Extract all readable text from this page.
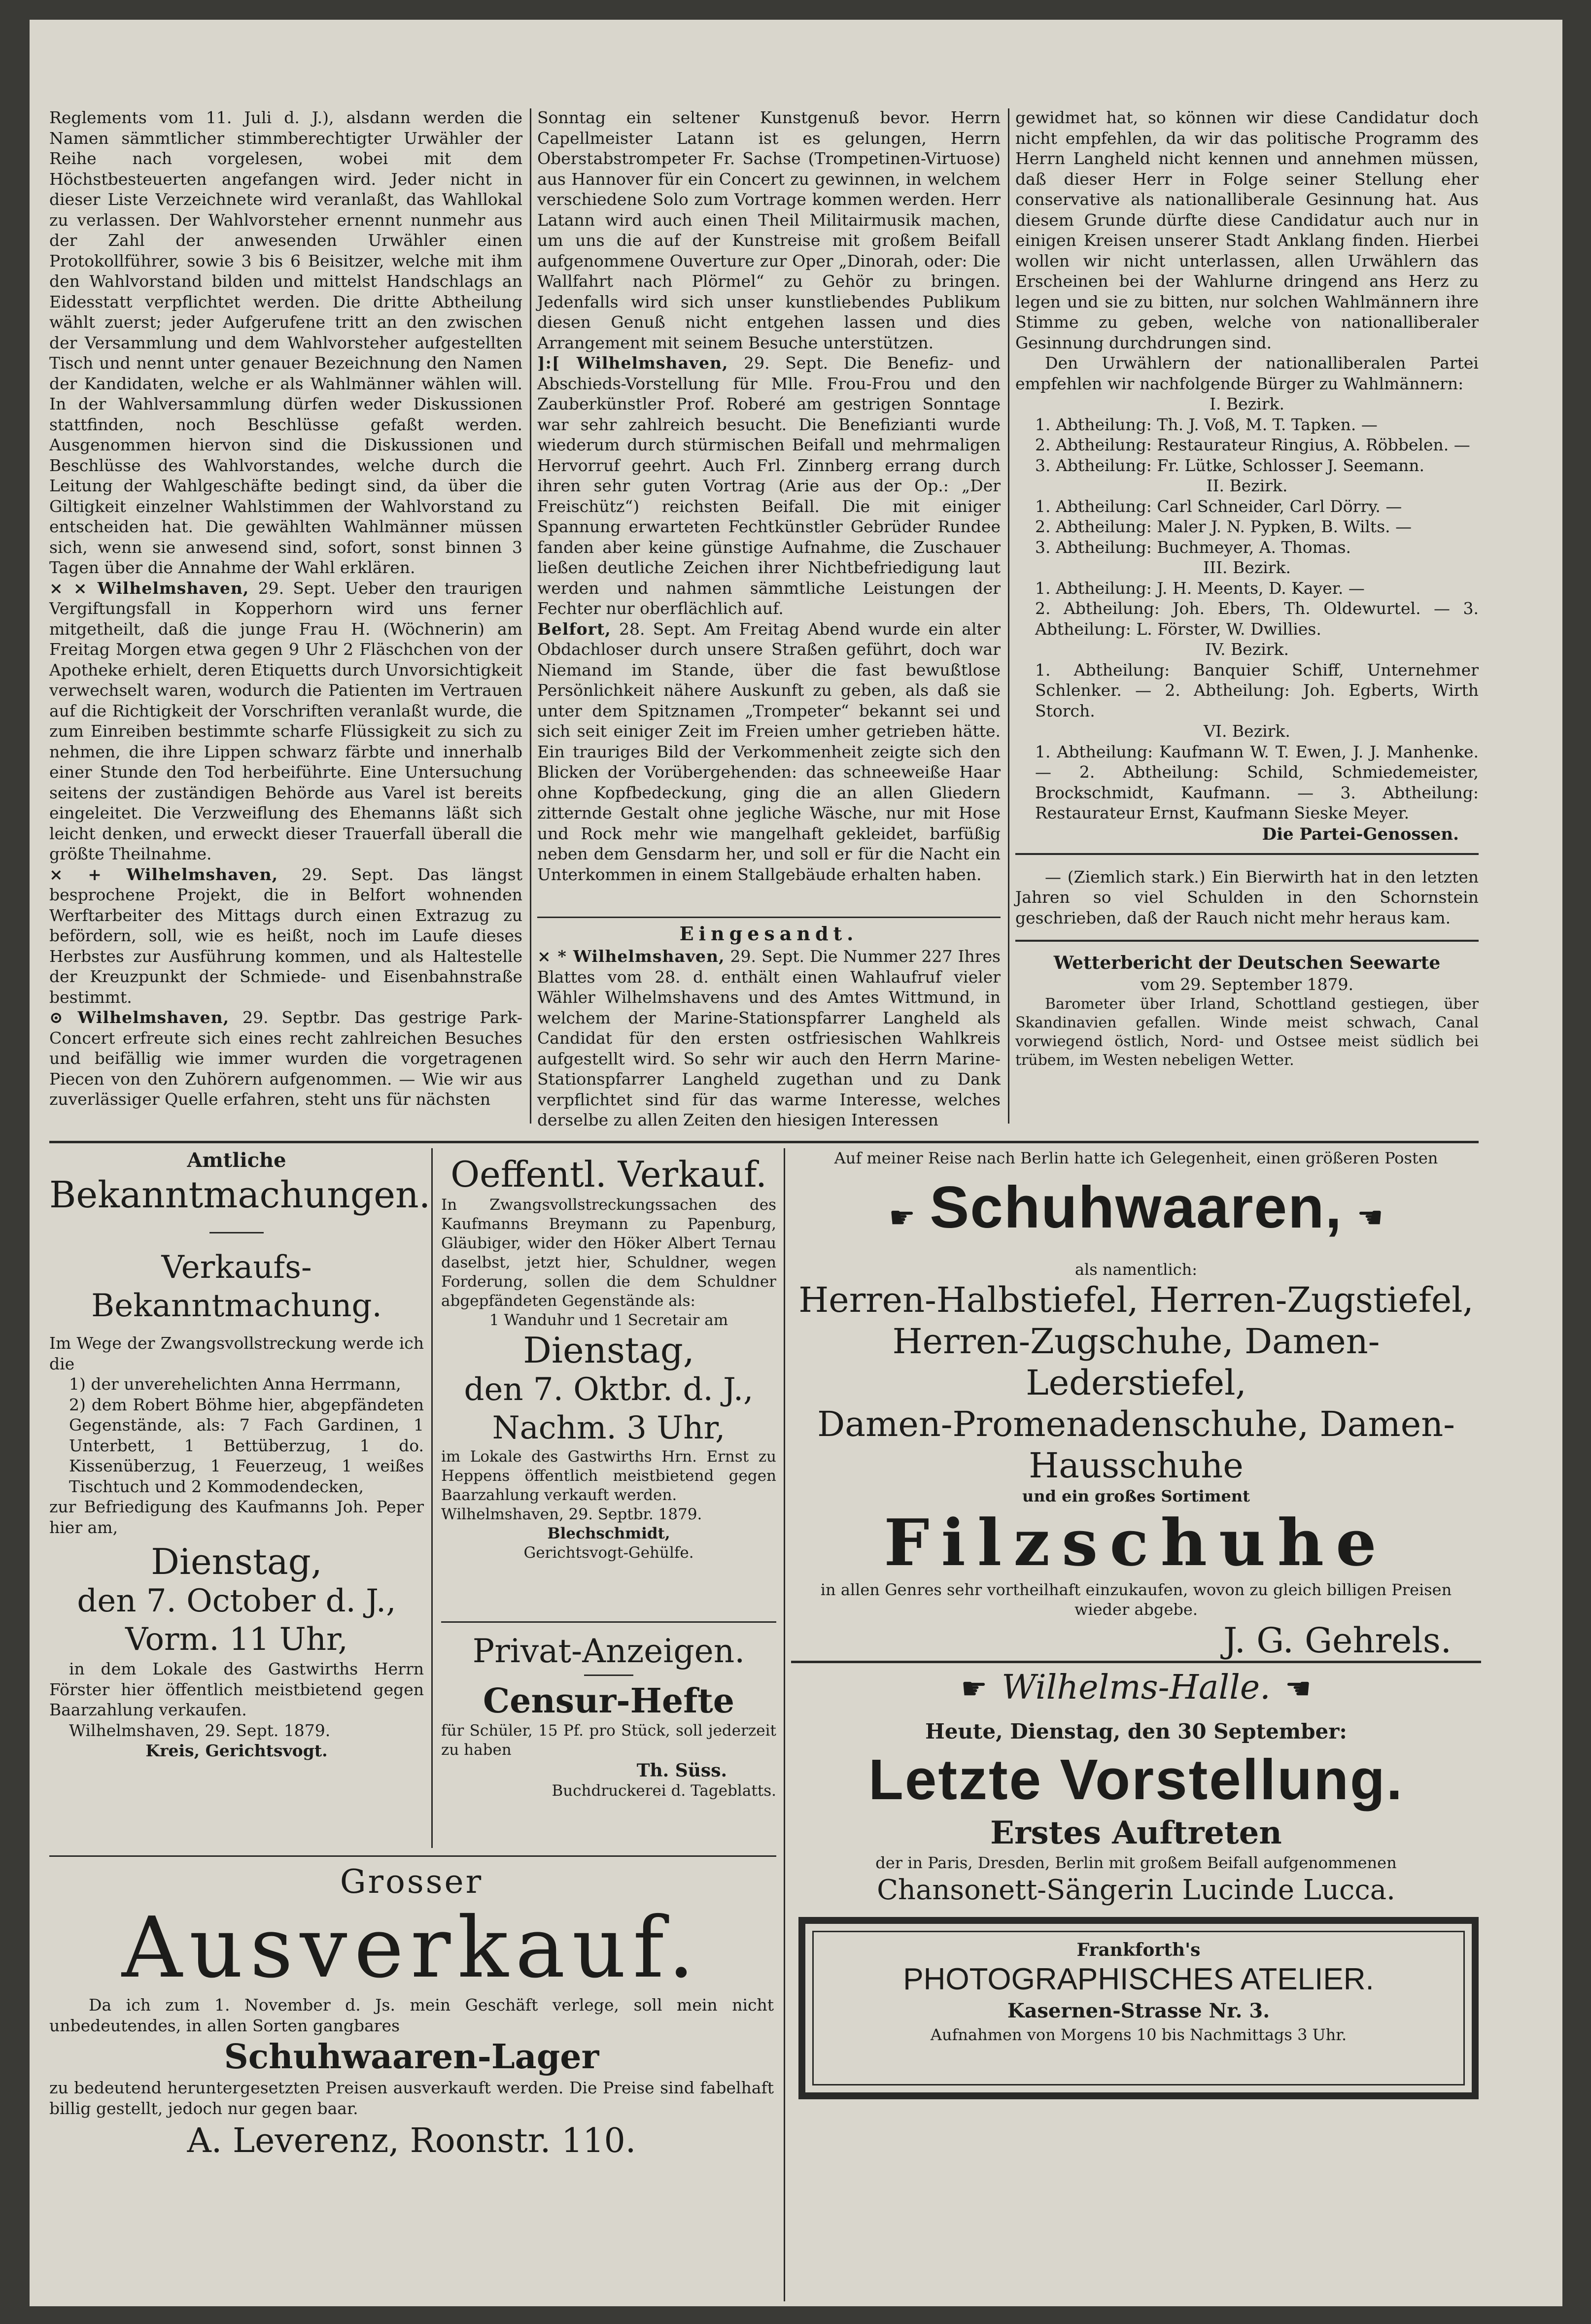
Reglements vom 11. Juli d. J.), alsdann werden die Namen sämmtlicher stimmberechtigter Urwähler der Reihe nach vorgelesen, wobei mit dem Höchstbesteuerten angefangen wird. Jeder nicht in dieser Liste Verzeichnete wird veranlaßt, das Wahllokal zu verlassen. Der Wahlvorsteher ernennt nunmehr aus der Zahl der anwesenden Urwähler einen Protokollführer, sowie 3 bis 6 Beisitzer, welche mit ihm den Wahlvorstand bilden und mittelst Handschlags an Eidesstatt verpflichtet werden. Die dritte Abtheilung wählt zuerst; jeder Aufgerufene tritt an den zwischen der Versammlung und dem Wahlvorsteher aufgestellten Tisch und nennt unter genauer Bezeichnung den Namen der Kandidaten, welche er als Wahlmänner wählen will. In der Wahlversammlung dürfen weder Diskussionen stattfinden, noch Beschlüsse gefaßt werden. Ausgenommen hiervon sind die Diskussionen und Beschlüsse des Wahlvorstandes, welche durch die Leitung der Wahlgeschäfte bedingt sind, da über die Giltigkeit einzelner Wahlstimmen der Wahlvorstand zu entscheiden hat. Die gewählten Wahlmänner müssen sich, wenn sie anwesend sind, sofort, sonst binnen 3 Tagen über die Annahme der Wahl erklären.

× × Wilhelmshaven, 29. Sept. Ueber den traurigen Vergiftungsfall in Kopperhorn wird uns ferner mitgetheilt, daß die junge Frau H. (Wöchnerin) am Freitag Morgen etwa gegen 9 Uhr 2 Fläschchen von der Apotheke erhielt, deren Etiquetts durch Unvorsichtigkeit verwechselt waren, wodurch die Patienten im Vertrauen auf die Richtigkeit der Vorschriften veranlaßt wurde, die zum Einreiben bestimmte scharfe Flüssigkeit zu sich zu nehmen, die ihre Lippen schwarz färbte und innerhalb einer Stunde den Tod herbeiführte. Eine Untersuchung seitens der zuständigen Behörde aus Varel ist bereits eingeleitet. Die Verzweiflung des Ehemanns läßt sich leicht denken, und erweckt dieser Trauerfall überall die größte Theilnahme.

× + Wilhelmshaven, 29. Sept. Das längst besprochene Projekt, die in Belfort wohnenden Werftarbeiter des Mittags durch einen Extrazug zu befördern, soll, wie es heißt, noch im Laufe dieses Herbstes zur Ausführung kommen, und als Haltestelle der Kreuzpunkt der Schmiede- und Eisenbahnstraße bestimmt.

⊙ Wilhelmshaven, 29. Septbr. Das gestrige Park-Concert erfreute sich eines recht zahlreichen Besuches und beifällig wie immer wurden die vorgetragenen Piecen von den Zuhörern aufgenommen. — Wie wir aus zuverlässiger Quelle erfahren, steht uns für nächsten

Sonntag ein seltener Kunstgenuß bevor. Herrn Capellmeister Latann ist es gelungen, Herrn Oberstabstrompeter Fr. Sachse (Trompetinen-Virtuose) aus Hannover für ein Concert zu gewinnen, in welchem verschiedene Solo zum Vortrage kommen werden. Herr Latann wird auch einen Theil Militairmusik machen, um uns die auf der Kunstreise mit großem Beifall aufgenommene Ouverture zur Oper „Dinorah, oder: Die Wallfahrt nach Plörmel“ zu Gehör zu bringen. Jedenfalls wird sich unser kunstliebendes Publikum diesen Genuß nicht entgehen lassen und dies Arrangement mit seinem Besuche unterstützen.

]:[ Wilhelmshaven, 29. Sept. Die Benefiz- und Abschieds-Vorstellung für Mlle. Frou-Frou und den Zauberkünstler Prof. Roberé am gestrigen Sonntage war sehr zahlreich besucht. Die Benefizianti wurde wiederum durch stürmischen Beifall und mehrmaligen Hervorruf geehrt. Auch Frl. Zinnberg errang durch ihren sehr guten Vortrag (Arie aus der Op.: „Der Freischütz“) reichsten Beifall. Die mit einiger Spannung erwarteten Fechtkünstler Gebrüder Rundee fanden aber keine günstige Aufnahme, die Zuschauer ließen deutliche Zeichen ihrer Nichtbefriedigung laut werden und nahmen sämmtliche Leistungen der Fechter nur oberflächlich auf.

Belfort, 28. Sept. Am Freitag Abend wurde ein alter Obdachloser durch unsere Straßen geführt, doch war Niemand im Stande, über die fast bewußtlose Persönlichkeit nähere Auskunft zu geben, als daß sie unter dem Spitznamen „Trompeter“ bekannt sei und sich seit einiger Zeit im Freien umher getrieben hätte. Ein trauriges Bild der Verkommenheit zeigte sich den Blicken der Vorübergehenden: das schneeweiße Haar ohne Kopfbedeckung, ging die an allen Gliedern zitternde Gestalt ohne jegliche Wäsche, nur mit Hose und Rock mehr wie mangelhaft gekleidet, barfüßig neben dem Gensdarm her, und soll er für die Nacht ein Unterkommen in einem Stallgebäude erhalten haben.

Eingesandt.

× * Wilhelmshaven, 29. Sept. Die Nummer 227 Ihres Blattes vom 28. d. enthält einen Wahlaufruf vieler Wähler Wilhelmshavens und des Amtes Wittmund, in welchem der Marine-Stationspfarrer Langheld als Candidat für den ersten ostfriesischen Wahlkreis aufgestellt wird. So sehr wir auch den Herrn Marine-Stationspfarrer Langheld zugethan und zu Dank verpflichtet sind für das warme Interesse, welches derselbe zu allen Zeiten den hiesigen Interessen

gewidmet hat, so können wir diese Candidatur doch nicht empfehlen, da wir das politische Programm des Herrn Langheld nicht kennen und annehmen müssen, daß dieser Herr in Folge seiner Stellung eher conservative als nationalliberale Gesinnung hat. Aus diesem Grunde dürfte diese Candidatur auch nur in einigen Kreisen unserer Stadt Anklang finden. Hierbei wollen wir nicht unterlassen, allen Urwählern das Erscheinen bei der Wahlurne dringend ans Herz zu legen und sie zu bitten, nur solchen Wahlmännern ihre Stimme zu geben, welche von nationalliberaler Gesinnung durchdrungen sind.

Den Urwählern der nationalliberalen Partei empfehlen wir nachfolgende Bürger zu Wahlmännern:

I. Bezirk.

1. Abtheilung: Th. J. Voß, M. T. Tapken. —

2. Abtheilung: Restaurateur Ringius, A. Röbbelen. —

3. Abtheilung: Fr. Lütke, Schlosser J. Seemann.

II. Bezirk.

1. Abtheilung: Carl Schneider, Carl Dörry. —

2. Abtheilung: Maler J. N. Pypken, B. Wilts. —

3. Abtheilung: Buchmeyer, A. Thomas.

III. Bezirk.

1. Abtheilung: J. H. Meents, D. Kayer. —

2. Abtheilung: Joh. Ebers, Th. Oldewurtel. — 3. Abtheilung: L. Förster, W. Dwillies.

IV. Bezirk.

1. Abtheilung: Banquier Schiff, Unternehmer Schlenker. — 2. Abtheilung: Joh. Egberts, Wirth Storch.

VI. Bezirk.

1. Abtheilung: Kaufmann W. T. Ewen, J. J. Manhenke. — 2. Abtheilung: Schild, Schmiedemeister, Brockschmidt, Kaufmann. — 3. Abtheilung: Restaurateur Ernst, Kaufmann Sieske Meyer.

Die Partei-Genossen.

— (Ziemlich stark.) Ein Bierwirth hat in den letzten Jahren so viel Schulden in den Schornstein geschrieben, daß der Rauch nicht mehr heraus kam.

Wetterbericht der Deutschen Seewarte
vom 29. September 1879.

Barometer über Irland, Schottland gestiegen, über Skandinavien gefallen. Winde meist schwach, Canal vorwiegend östlich, Nord- und Ostsee meist südlich bei trübem, im Westen nebeligen Wetter.

Amtliche
Bekanntmachungen.
Verkaufs-
Bekanntmachung.

Im Wege der Zwangsvollstreckung werde ich die

1) der unverehelichten Anna Herrmann,

2) dem Robert Böhme hier, abgepfändeten Gegenstände, als: 7 Fach Gardinen, 1 Unterbett, 1 Bettüberzug, 1 do. Kissenüberzug, 1 Feuerzeug, 1 weißes Tischtuch und 2 Kommodendecken,

zur Befriedigung des Kaufmanns Joh. Peper hier am,

Dienstag,
den 7. October d. J.,
Vorm. 11 Uhr,

in dem Lokale des Gastwirths Herrn Förster hier öffentlich meistbietend gegen Baarzahlung verkaufen.

Wilhelmshaven, 29. Sept. 1879.

Kreis, Gerichtsvogt.

Oeffentl. Verkauf.

In Zwangsvollstreckungssachen des Kaufmanns Breymann zu Papenburg, Gläubiger, wider den Höker Albert Ternau daselbst, jetzt hier, Schuldner, wegen Forderung, sollen die dem Schuldner abgepfändeten Gegenstände als:

1 Wanduhr und 1 Secretair am

Dienstag,
den 7. Oktbr. d. J.,
Nachm. 3 Uhr,

im Lokale des Gastwirths Hrn. Ernst zu Heppens öffentlich meistbietend gegen Baarzahlung verkauft werden.

Wilhelmshaven, 29. Septbr. 1879.

Blechschmidt,

Gerichtsvogt-Gehülfe.

Privat-Anzeigen.
Censur-Hefte

für Schüler, 15 Pf. pro Stück, soll jederzeit zu haben

Th. Süss.

Buchdruckerei d. Tageblatts.

Auf meiner Reise nach Berlin hatte ich Gelegenheit, einen größeren Posten

☛ Schuhwaaren, ☚
als namentlich:
Herren-Halbstiefel, Herren-Zugstiefel,
Herren-Zugschuhe, Damen-Lederstiefel,
Damen-Promenadenschuhe, Damen-
Hausschuhe
und ein großes Sortiment
Filzschuhe

in allen Genres sehr vortheilhaft einzukaufen, wovon zu gleich billigen Preisen wieder abgebe.

J. G. Gehrels.
☛ Wilhelms-Halle. ☚
Heute, Dienstag, den 30 September:
Letzte Vorstellung.
Erstes Auftreten
der in Paris, Dresden, Berlin mit großem Beifall aufgenommenen
Chansonett-Sängerin Lucinde Lucca.
Frankforth's
PHOTOGRAPHISCHES ATELIER.
Kasernen-Strasse Nr. 3.
Aufnahmen von Morgens 10 bis Nachmittags 3 Uhr.
Grosser
Ausverkauf.

Da ich zum 1. November d. Js. mein Geschäft verlege, soll mein nicht unbedeutendes, in allen Sorten gangbares

Schuhwaaren-Lager

zu bedeutend heruntergesetzten Preisen ausverkauft werden. Die Preise sind fabelhaft billig gestellt, jedoch nur gegen baar.

A. Leverenz, Roonstr. 110.
